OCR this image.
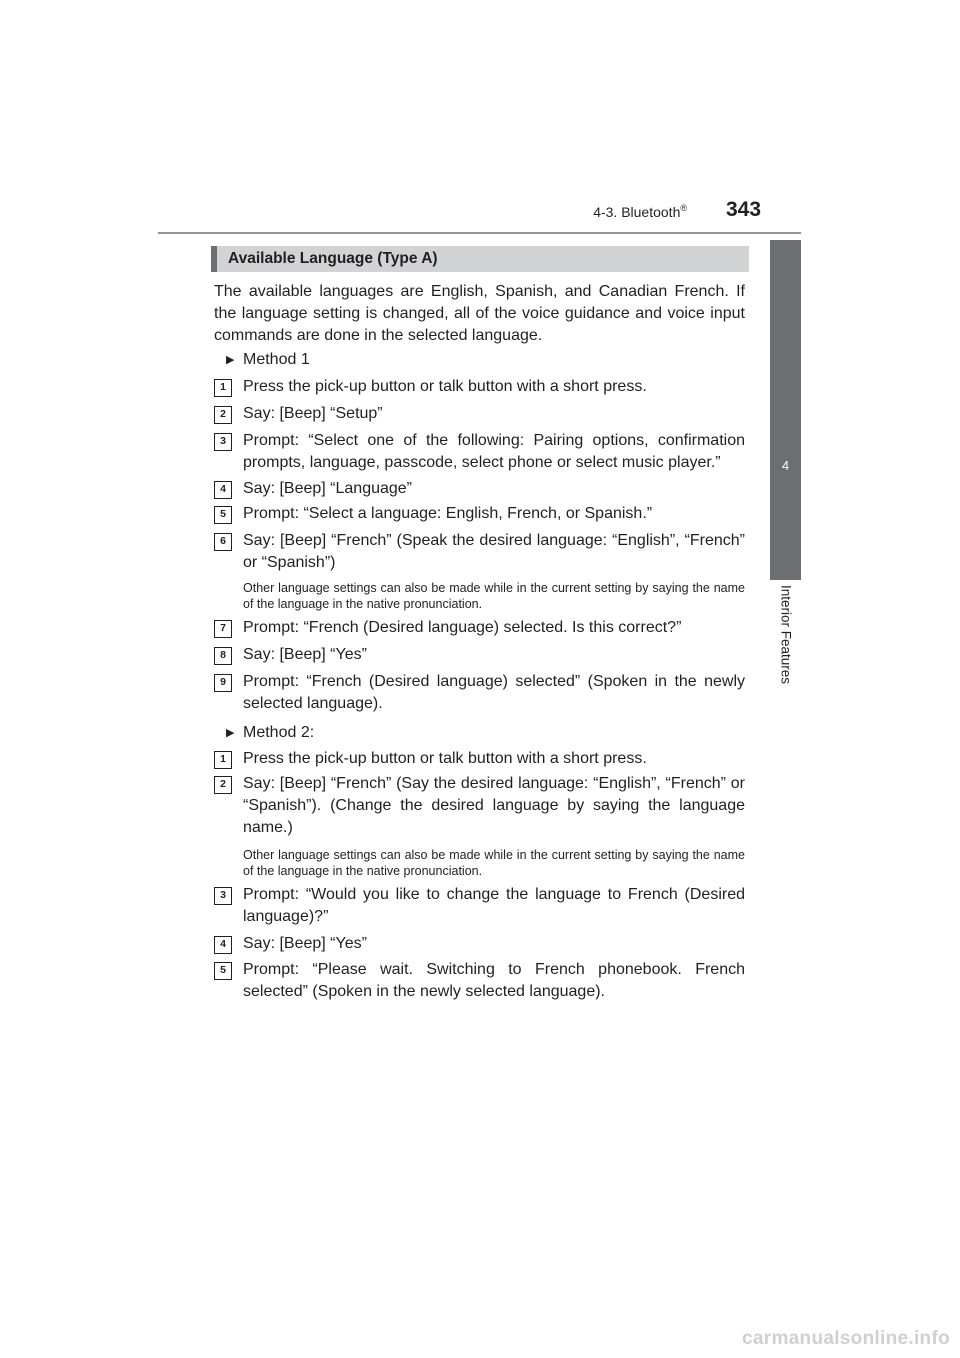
4-3. Bluetooth® 343
4
Interior Features
Available Language (Type A)
The available languages are English, Spanish, and Canadian French. If the language setting is changed, all of the voice guidance and voice input commands are done in the selected language.
▶ Method 1
1	Press the pick-up button or talk button with a short press.
2	Say: [Beep] “Setup”
3	Prompt: “Select one of the following: Pairing options, confirmation prompts, language, passcode, select phone or select music player.”
4	Say: [Beep] “Language”
5	Prompt: “Select a language: English, French, or Spanish.”
6	Say: [Beep] “French” (Speak the desired language: “English”, “French” or “Spanish”)
Other language settings can also be made while in the current setting by saying the name of the language in the native pronunciation.
7	Prompt: “French (Desired language) selected. Is this correct?”
8	Say: [Beep] “Yes”
9	Prompt: “French (Desired language) selected” (Spoken in the newly selected language).
▶ Method 2:
1	Press the pick-up button or talk button with a short press.
2	Say: [Beep] “French” (Say the desired language: “English”, “French” or “Spanish”). (Change the desired language by saying the language name.)
Other language settings can also be made while in the current setting by saying the name of the language in the native pronunciation.
3	Prompt: “Would you like to change the language to French (Desired language)?”
4	Say: [Beep] “Yes”
5	Prompt: “Please wait. Switching to French phonebook. French selected” (Spoken in the newly selected language).
carmanualsonline.info
